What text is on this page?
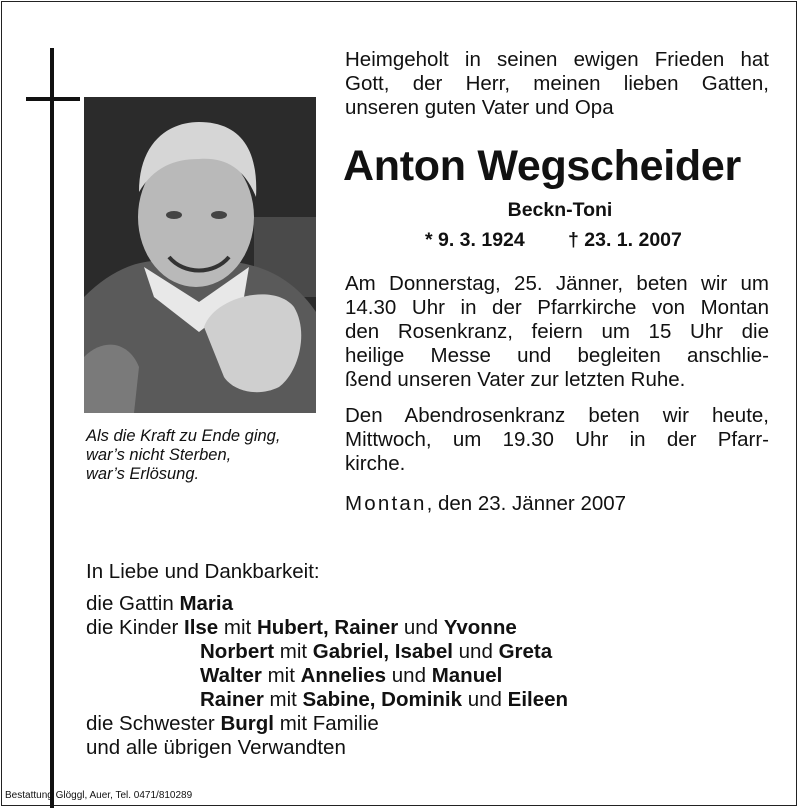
Als die Kraft zu Ende ging,
war’s nicht Sterben,
war’s Erlösung.
Heimgeholt in seinen ewigen Frieden hat
Gott, der Herr, meinen lieben Gatten,
unseren guten Vater und Opa
Anton Wegscheider
Beckn-Toni
* 9. 3. 1924 † 23. 1. 2007
Am Donnerstag, 25. Jänner, beten wir um
14.30 Uhr in der Pfarrkirche von Montan
den Rosenkranz, feiern um 15 Uhr die
heilige Messe und begleiten anschlie-
ßend unseren Vater zur letzten Ruhe.
Den Abendrosenkranz beten wir heute,
Mittwoch, um 19.30 Uhr in der Pfarr-
kirche.
Montan, den 23. Jänner 2007
In Liebe und Dankbarkeit:
die Gattin Maria
die Kinder Ilse mit Hubert, Rainer und Yvonne
Norbert mit Gabriel, Isabel und Greta
Walter mit Annelies und Manuel
Rainer mit Sabine, Dominik und Eileen
die Schwester Burgl mit Familie
und alle übrigen Verwandten
Bestattung Glöggl, Auer, Tel. 0471/810289
